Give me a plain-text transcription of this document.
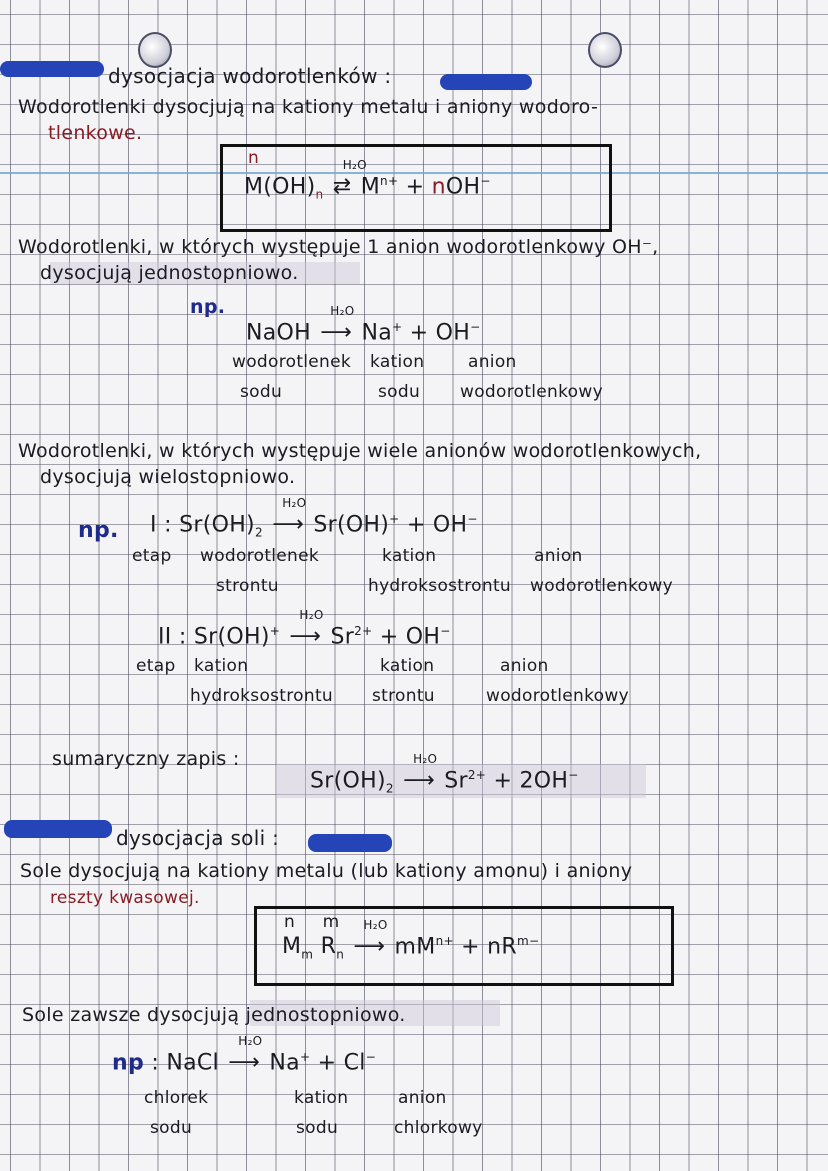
dysocjacja wodorotlenków :
Wodorotlenki dysocjują na kationy metalu i aniony wodoro-
tlenkowe.
n
$M(OH)_n$
H₂O
⇄ $M^{n+} + nOH^-$
Wodorotlenki, w których występuje 1 anion wodorotlenkowy OH⁻,
dysocjują jednostopniowo.
np.
NaOH
H₂O
⟶ Na+ + OH−
wodorotlenek
sodu
kation
sodu
anion
wodorotlenkowy
Wodorotlenki, w których występuje wiele anionów wodorotlenkowych,
dysocjują wielostopniowo.
np. I : $Sr(OH)_2$
H₂O
⟶ Sr(OH)+ + OH−
etap wodorotlenek
strontu
kation
hydroksostrontu
anion
wodorotlenkowy
II : Sr(OH)+
H₂O
⟶ $Sr^{2+} + OH^-$
etap kation
hydroksostrontu
kation
strontu
anion
wodorotlenkowy
sumaryczny zapis :
$Sr(OH)_2$
H₂O
⟶ $Sr^{2+} + 2OH^-$
dysocjacja soli :
Sole dysocjują na kationy metalu (lub kationy amonu) i aniony
reszty kwasowej.
n
$M_m$
m
$R_n$
H₂O
⟶ $mM^{n+} + nR^{m-}$
Sole zawsze dysocjują jednostopniowo.
np : NaCl
H₂O
⟶ Na+ + Cl−
chlorek
sodu
kation
sodu
anion
chlorkowy
